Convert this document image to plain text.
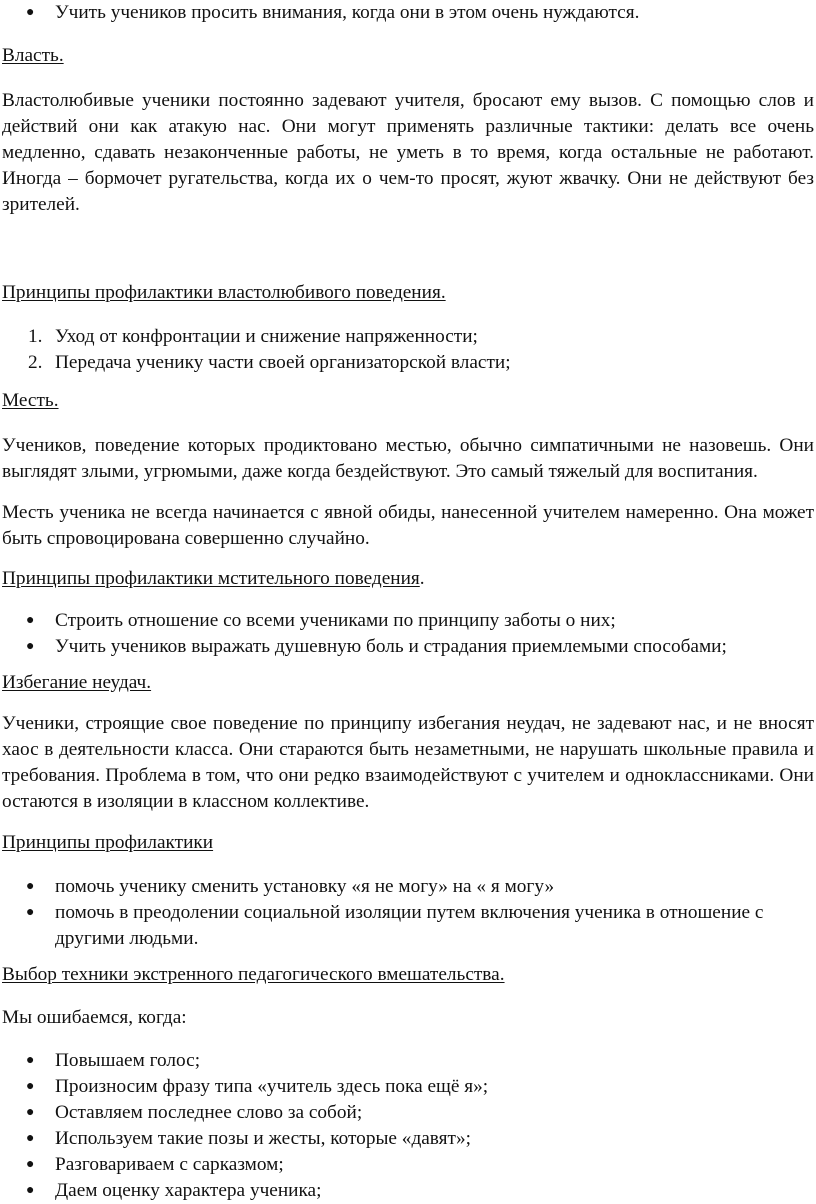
● Учить учеников просить внимания, когда они в этом очень нуждаются.

Власть.

Властолюбивые ученики постоянно задевают учителя, бросают ему вызов. С помощью слов и действий они как атакую нас. Они могут применять различные тактики: делать все очень медленно, сдавать незаконченные работы, не уметь в то время, когда остальные не работают. Иногда – бормочет ругательства, когда их о чем-то просят, жуют жвачку. Они не действуют без зрителей.

Принципы профилактики властолюбивого поведения.

1. Уход от конфронтации и снижение напряженности;
2. Передача ученику части своей организаторской власти;

Месть.

Учеников, поведение которых продиктовано местью, обычно симпатичными не назовешь. Они выглядят злыми, угрюмыми, даже когда бездействуют. Это самый тяжелый для воспитания.

Месть ученика не всегда начинается с явной обиды, нанесенной учителем намеренно. Она может быть спровоцирована совершенно случайно.

Принципы профилактики мстительного поведения.

● Строить отношение со всеми учениками по принципу заботы о них;
● Учить учеников выражать душевную боль и страдания приемлемыми способами;

Избегание неудач.

Ученики, строящие свое поведение по принципу избегания неудач, не задевают нас, и не вносят хаос в деятельности класса. Они стараются быть незаметными, не нарушать школьные правила и требования. Проблема в том, что они редко взаимодействуют с учителем и одноклассниками. Они остаются в изоляции в классном коллективе.

Принципы профилактики

● помочь ученику сменить установку «я не могу» на « я могу»
● помочь в преодолении социальной изоляции путем включения ученика в отношение с другими людьми.

Выбор техники экстренного педагогического вмешательства.

Мы ошибаемся, когда:

● Повышаем голос;
● Произносим фразу типа «учитель здесь пока ещё я»;
● Оставляем последнее слово за собой;
● Используем такие позы и жесты, которые «давят»;
● Разговариваем с сарказмом;
● Даем оценку характера ученика;
